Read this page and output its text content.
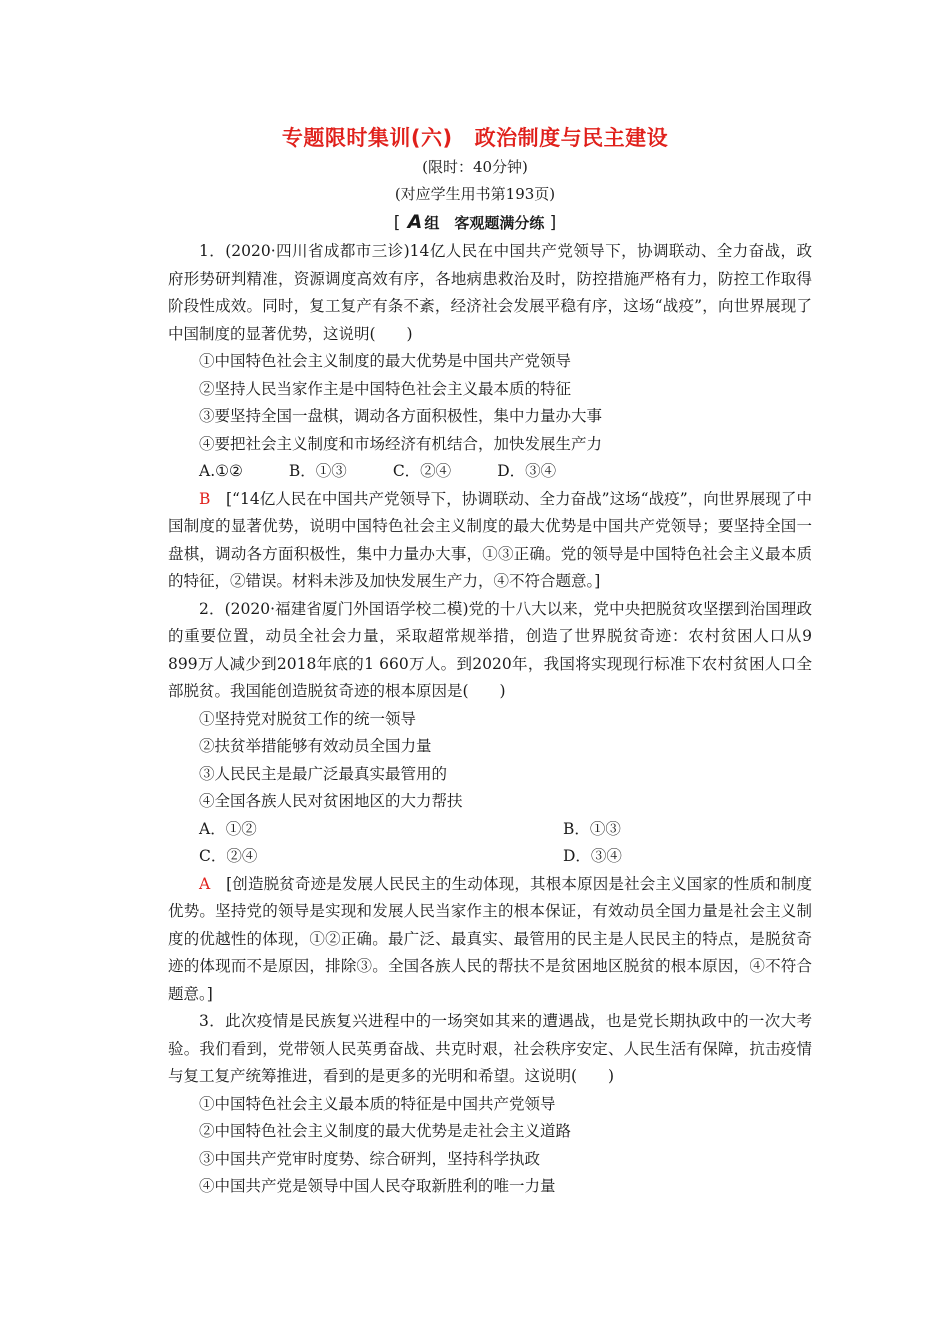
专题限时集训(六) 政治制度与民主建设
(限时：40分钟)
(对应学生用书第193页)
[ A 组　客观题满分练 ]

1．(2020·四川省成都市三诊)14亿人民在中国共产党领导下，协调联动、全力奋战，政府形势研判精准，资源调度高效有序，各地病患救治及时，防控措施严格有力，防控工作取得阶段性成效。同时，复工复产有条不紊，经济社会发展平稳有序，这场“战疫”，向世界展现了中国制度的显著优势，这说明(　　)

①中国特色社会主义制度的最大优势是中国共产党领导

②坚持人民当家作主是中国特色社会主义最本质的特征

③要坚持全国一盘棋，调动各方面积极性，集中力量办大事

④要把社会主义制度和市场经济有机结合，加快发展生产力

A.①②	B．①③	C．②④	D．③④

B　 [“14亿人民在中国共产党领导下，协调联动、全力奋战”这场“战疫”，向世界展现了中国制度的显著优势，说明中国特色社会主义制度的最大优势是中国共产党领导；要坚持全国一盘棋，调动各方面积极性，集中力量办大事，①③正确。党的领导是中国特色社会主义最本质的特征，②错误。材料未涉及加快发展生产力，④不符合题意。]

2．(2020·福建省厦门外国语学校二模)党的十八大以来，党中央把脱贫攻坚摆到治国理政的重要位置，动员全社会力量，采取超常规举措，创造了世界脱贫奇迹：农村贫困人口从9 899万人减少到2018年底的1 660万人。到2020年，我国将实现现行标准下农村贫困人口全部脱贫。我国能创造脱贫奇迹的根本原因是(　　)

①坚持党对脱贫工作的统一领导

②扶贫举措能够有效动员全国力量

③人民民主是最广泛最真实最管用的

④全国各族人民对贫困地区的大力帮扶

A．①②	B．①③
C．②④	D．③④

A　 [创造脱贫奇迹是发展人民民主的生动体现，其根本原因是社会主义国家的性质和制度优势。坚持党的领导是实现和发展人民当家作主的根本保证，有效动员全国力量是社会主义制度的优越性的体现，①②正确。最广泛、最真实、最管用的民主是人民民主的特点，是脱贫奇迹的体现而不是原因，排除③。全国各族人民的帮扶不是贫困地区脱贫的根本原因，④不符合题意。]

3．此次疫情是民族复兴进程中的一场突如其来的遭遇战，也是党长期执政中的一次大考验。我们看到，党带领人民英勇奋战、共克时艰，社会秩序安定、人民生活有保障，抗击疫情与复工复产统筹推进，看到的是更多的光明和希望。这说明(　　)

①中国特色社会主义最本质的特征是中国共产党领导

②中国特色社会主义制度的最大优势是走社会主义道路

③中国共产党审时度势、综合研判，坚持科学执政

④中国共产党是领导中国人民夺取新胜利的唯一力量
